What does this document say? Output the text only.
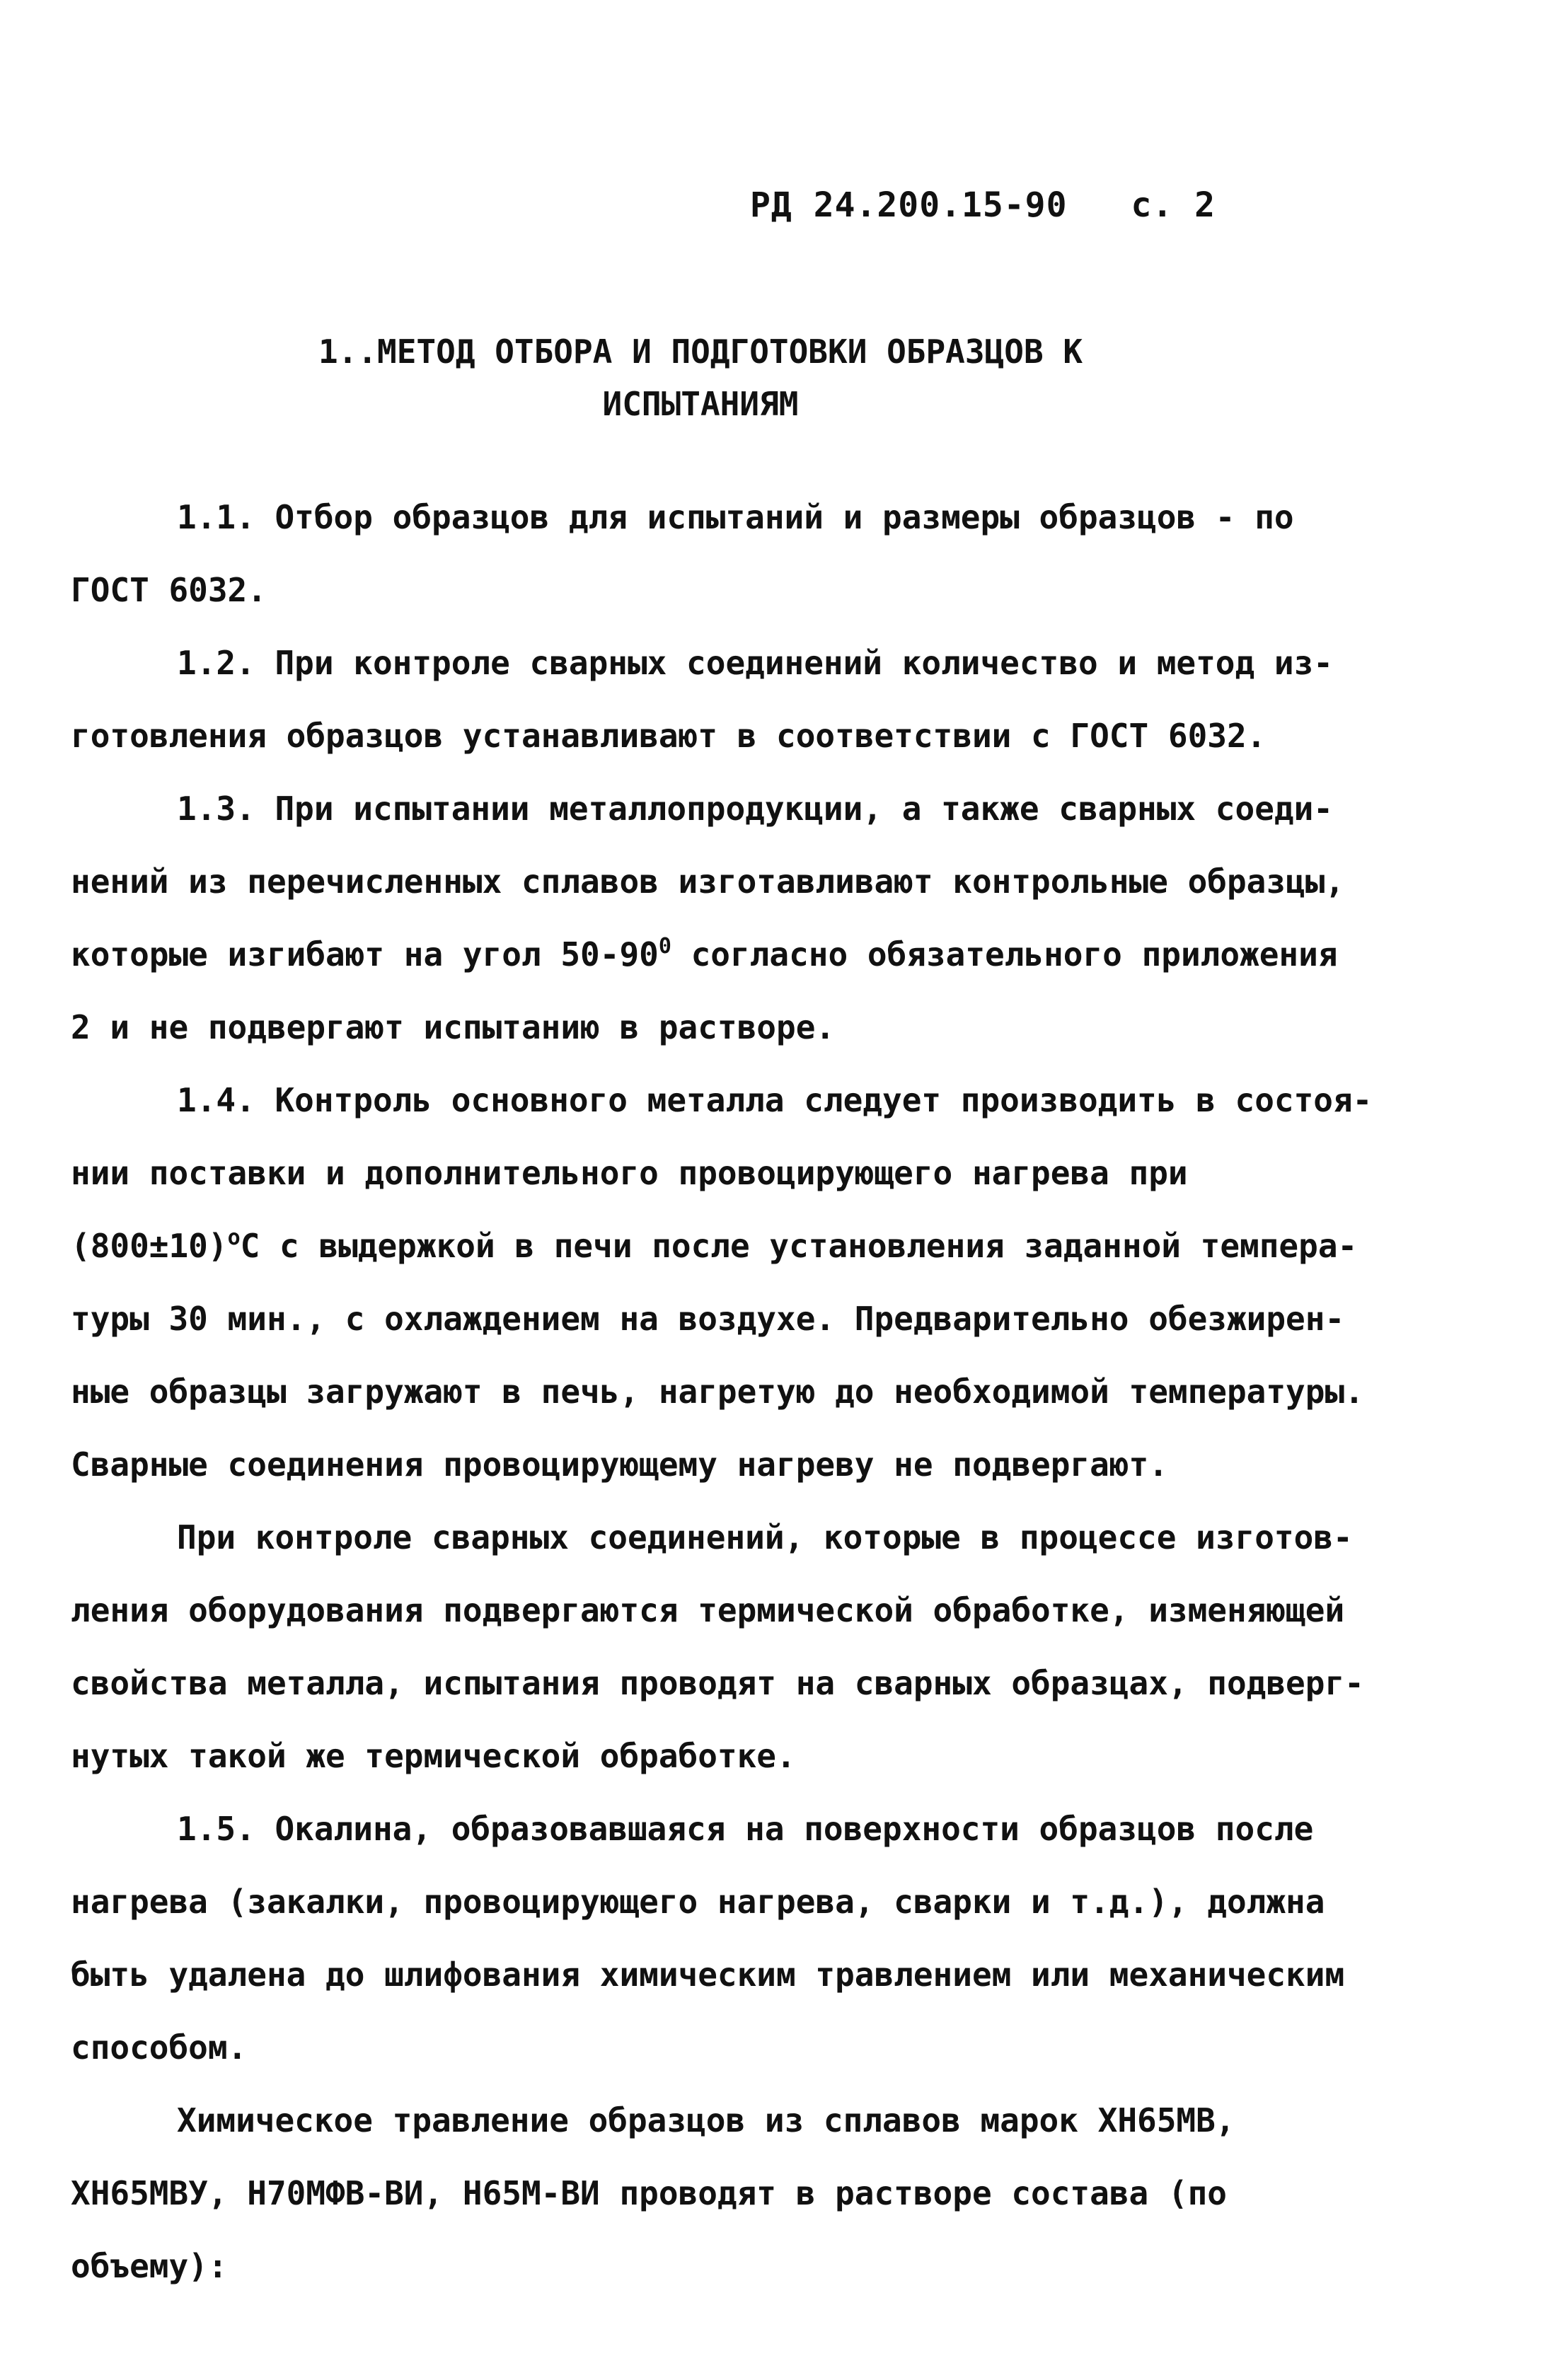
РД 24.200.15-90 с. 2
1..МЕТОД ОТБОРА И ПОДГОТОВКИ ОБРАЗЦОВ К
ИСПЫТАНИЯМ
1.1. Отбор образцов для испытаний и размеры образцов - по
ГОСТ 6032.
1.2. При контроле сварных соединений количество и метод из-
готовления образцов устанавливают в соответствии с ГОСТ 6032.
1.3. При испытании металлопродукции, а также сварных соеди-
нений из перечисленных сплавов изготавливают контрольные образцы,
которые изгибают на угол $50-90^0$ согласно обязательного приложения
2 и не подвергают испытанию в растворе.
1.4. Контроль основного металла следует производить в состоя-
нии поставки и дополнительного провоцирующего нагрева при
$(800\pm 10)^оС$ с выдержкой в печи после установления заданной темпера-
туры 30 мин., с охлаждением на воздухе. Предварительно обезжирен-
ные образцы загружают в печь, нагретую до необходимой температуры.
Сварные соединения провоцирующему нагреву не подвергают.
При контроле сварных соединений, которые в процессе изготов-
ления оборудования подвергаются термической обработке, изменяющей
свойства металла, испытания проводят на сварных образцах, подверг-
нутых такой же термической обработке.
1.5. Окалина, образовавшаяся на поверхности образцов после
нагрева (закалки, провоцирующего нагрева, сварки и т.д.), должна
быть удалена до шлифования химическим травлением или механическим
способом.
Химическое травление образцов из сплавов марок ХН65МВ,
ХН65МВУ, Н70МФВ-ВИ, Н65М-ВИ проводят в растворе состава (по
объему):
